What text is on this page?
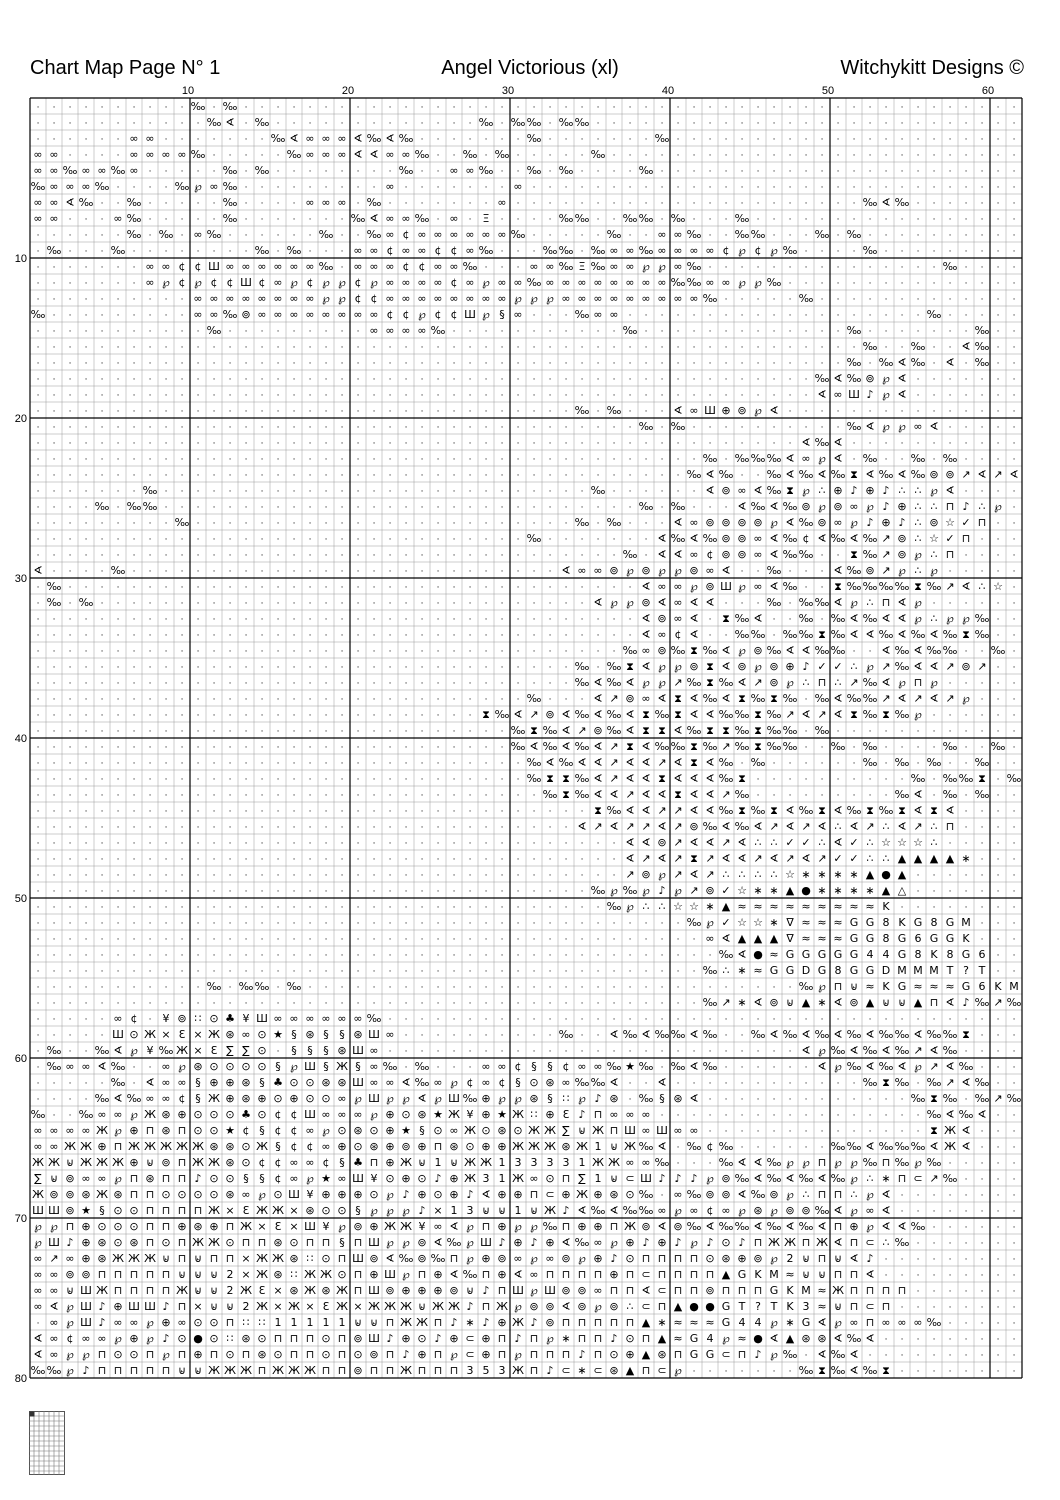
Chart Map Page N° 1	Angel Victorious (xl)	Witchykitt Designs ©
· · · · · · · · · · ‰ · ‰ · · · · · · · · · · · · · · · · · · · · · · · · · · · · · · · · · · · · · · · · · · · · · · · · ·
· · · · · · · · · · · ‰ ∢ · ‰ · · · · · · · · · · · · · ‰ · ‰ ‰ · ‰ ‰ · · · · · · · · · · · · · · · · · · · · · · · · · · ·
· · · · · · ∞ ∞ · · · · · · · ‰ ∢ ∞ ∞ ∞ ∢ ‰ ∢ ‰ · · · · · · · ‰ · · · · · · · ‰ · · · · · · · · · · · · · · · · · · · · · ·
∞ ∞ · · · · ∞ ∞ ∞ ∞ ‰ · · · · · ‰ ∞ ∞ ∞ ∢ ∢ ∞ ∞ ‰ · · ‰ · ‰ · · · · · ‰ · · · · · · · · · · · · · · · · · · · · · · · · · ·
∞ ∞ ‰ ∞ ∞ ‰ ∞ · · · · · ‰ · ‰ · · · · · · · · ‰ · · ∞ ∞ ‰ · · ‰ · ‰ · · · · ‰ · · · · · · · · · · · · · · · · · · · · · · ·
‰ ∞ ∞ ∞ ‰ · · · · ‰ ℘ ∞ ‰ · · · · · · · · · ∞ · · · · · · · ∞ · · · · · · · · · · · · · · · · · · · · · · · · · · · · · · ·
∞ ∞ ∢ ‰ · · ‰ · · · · · ‰ · · · · ∞ ∞ ∞ · ‰ · · · · · · · ∞ · · · · · · · · · · · · · · · · · · · · · · ‰ ∢ ‰ · · · · · · ·
∞ ∞ · · · ∞ ‰ · · · · · ‰ · · · · · · · ‰ ∢ ∞ ∞ ‰ · ∞ · Ξ · · · · ‰ ‰ · · ‰ ‰ · ‰ · · · ‰ · · · · · · · · · · · · · · · · ·
· · · · · · ‰ · ‰ · ∞ ‰ · · · · · · ‰ · · ‰ ∞ ¢ ∞ ∞ ∞ ∞ ∞ ∞ ‰ · · · · · ‰ · · ∞ ∞ ‰ · · ‰ ‰ · · · ‰ · ‰ · · · · · · · · · ·
· ‰ · · · ‰ · · · · · · · · ‰ · ‰ · · · ∞ ∞ ¢ ∞ ∞ ¢ ¢ ∞ ‰ · · · ‰ ‰ · ‰ ∞ ∞ ‰ ∞ ∞ ∞ ∞ ¢ ℘ ¢ ℘ ‰ · · · · ‰ · · · · · · · · ·
· · · · · · · ∞ ∞ ¢ ¢ Ш ∞ ∞ ∞ ∞ ∞ ∞ ‰ · ∞ ∞ ∞ ¢ ¢ ∞ ∞ ‰ · · · ∞ ∞ ‰ Ξ ‰ ∞ ∞ ℘ ℘ ∞ ‰ · · · · · · · · · · · · · · · ‰ · · · ·
· · · · · · · ∞ ℘ ¢ ℘ ¢ ¢ Ш ¢ ∞ ℘ ¢ ℘ ℘ ¢ ℘ ∞ ∞ ∞ ∞ ¢ ∞ ℘ ∞ ∞ ‰ ∞ ∞ ∞ ∞ ∞ ∞ ∞ ∞ ‰ ‰ ∞ ∞ ℘ ℘ ‰ · · · · · · · · · · · · · · ·
· · · · · · · · · · ∞ ∞ ∞ ∞ ∞ ∞ ∞ ∞ ℘ ℘ ¢ ¢ ∞ ∞ ∞ ∞ ∞ ∞ ∞ ∞ ℘ ℘ ℘ ∞ ∞ ∞ ∞ ∞ ∞ ∞ ∞ ∞ ‰ · · · · · ‰ · · · · · · · · · · · · ·
‰ · · · · · · · · · ∞ ∞ ‰ ⊚ ∞ ∞ ∞ ∞ ∞ ∞ ∞ ∞ ¢ ¢ ℘ ¢ ¢ Ш ℘ § ∞ · · · ‰ ∞ ∞ · · · · · · · · · · · · · · · · · · · ‰ · · · · ·
· · · · · · · · · · · ‰ · · · · · · · · · ∞ ∞ ∞ ∞ ‰ · · · · · · · · · · · ‰ · · · · · · · · · · · · · ‰ · · · · · · · ‰ · ·
· · · · · · · · · · · · · · · · · · · · · · · · · · · · · · · · · · · · · · · · · · · · · · · · · · · · ‰ · · ‰ · · ∢ ‰ · ·
· · · · · · · · · · · · · · · · · · · · · · · · · · · · · · · · · · · · · · · · · · · · · · · · · · · ‰ · ‰ ∢ ‰ · ∢ · ‰ · ·
· · · · · · · · · · · · · · · · · · · · · · · · · · · · · · · · · · · · · · · · · · · · · · · · · ‰ ∢ ‰ ⊚ ℘ ∢ · · · · · · ·
· · · · · · · · · · · · · · · · · · · · · · · · · · · · · · · · · · · · · · · · · · · · · · · · · ∢ ∞ Ш ♪ ℘ ∢ · · · · · · ·
· · · · · · · · · · · · · · · · · · · · · · · · · · · · · · · · · · ‰ · ‰ · · · ∢ ∞ Ш ⊕ ⊚ ℘ ∢ · · · · · · · · · · · · · · ·
· · · · · · · · · · · · · · · · · · · · · · · · · · · · · · · · · · · · · · ‰ · ‰ · · · · · · · · · · ‰ ∢ ℘ ℘ ∞ ∢ · · · · ·
· · · · · · · · · · · · · · · · · · · · · · · · · · · · · · · · · · · · · · · · · · · · · · · · ∢ ‰ ∢ · · · · · · · · · · ·
· · · · · · · · · · · · · · · · · · · · · · · · · · · · · · · · · · · · · · · · · · ‰ · ‰ ‰ ‰ ∢ ∞ ℘ ∢ · ‰ · · ‰ · ‰ · · · ·
· · · · · · · · · · · · · · · · · · · · · · · · · · · · · · · · · · · · · · · · · ‰ ∢ ‰ · · ‰ ∢ ‰ ∢ ‰ ⧗ ∢ ‰ ∢ ‰ ⊚ ⊚ ↗ ∢ ↗ ∢
· · · · · · · ‰ · · · · · · · · · · · · · · · · · · · · · · · · · · · ‰ · · · · · · ∢ ⊚ ∞ ∢ ‰ ⧗ ℘ ∴ ⊕ ♪ ⊕ ♪ ∴ ∴ ℘ ∢ · · · ·
· · · · ‰ · ‰ ‰ · · · · · · · · · · · · · · · · · · · · · · · · · · · · · · ‰ · ‰ · · · ∢ ‰ ∢ ‰ ⊚ ℘ ⊚ ∞ ℘ ♪ ⊕ ∴ ∴ ⊓ ♪ ∴ ℘ ·
· · · · · · · · · ‰ · · · · · · · · · · · · · · · · · · · · · · · · ‰ · ‰ · · · ∢ ∞ ⊚ ⊚ ⊚ ⊚ ℘ ∢ ‰ ⊚ ∞ ℘ ♪ ⊕ ♪ ∴ ⊚ ☆ ✓ ⊓ · ·
· · · · · · · · · · · · · · · · · · · · · · · · · · · · · · · ‰ · · · · · · · ∢ ‰ ∢ ‰ ⊚ ⊚ ∞ ∢ ‰ ¢ ∢ ‰ ∢ ‰ ↗ ⊚ ∴ ☆ ✓ ⊓ · · ·
· · · · · · · · · · · · · · · · · · · · · · · · · · · · · · · · · · · · · ‰ · ∢ ∢ ∞ ¢ ⊚ ⊚ ∞ ∢ ‰ ‰ · · ⧗ ‰ ↗ ⊚ ℘ ∴ ⊓ · · · ·
∢ · · · · ‰ · · · · · · · · · · · · · · · · · · · · · · · · · · · ∢ ∞ ∞ ⊚ ℘ ⊚ ℘ ℘ ⊚ ∞ ∢ · · ‰ · · · ∢ ‰ ⊚ ↗ ℘ ∴ ℘ · · · · ·
· ‰ · · · · · · · · · · · · · · · · · · · · · · · · · · · · · · · · · · · · ∢ ∞ ∞ ℘ ⊚ Ш ℘ ∞ ∢ ‰ · · ⧗ ‰ ‰ ‰ ‰ ⧗ ‰ ↗ ∢ ∴ ☆ ·
· ‰ · ‰ · · · · · · · · · · · · · · · · · · · · · · · · · · · · · · · ∢ ℘ ℘ ⊚ ∢ ∞ ∢ ∢ · · · ‰ · ‰ ‰ ∢ ℘ ∴ ⊓ ∢ ℘ · · · · · ·
· · · · · · · · · · · · · · · · · · · · · · · · · · · · · · · · · · · · · · ∢ ⊚ ∞ ∢ · ⧗ ‰ ∢ · · ‰ · ‰ ∢ ‰ ∢ ∢ ℘ ∴ ℘ ℘ ‰ · ·
· · · · · · · · · · · · · · · · · · · · · · · · · · · · · · · · · · · · · · ∢ ∞ ¢ ∢ · · ‰ ‰ · ‰ ‰ ⧗ ‰ ∢ ∢ ‰ ∢ ‰ ∢ ‰ ⧗ ‰ · ·
· · · · · · · · · · · · · · · · · · · · · · · · · · · · · · · · · · · · · ‰ ∞ ⊚ ‰ ⧗ ‰ ∢ ℘ ⊚ ‰ ∢ ∢ ‰ ‰ · · ∢ ‰ ∢ ‰ ‰ · · ‰ ·
· · · · · · · · · · · · · · · · · · · · · · · · · · · · · · · · · · ‰ · ‰ ⧗ ∢ ℘ ℘ ⊚ ⧗ ∢ ⊚ ℘ ⊚ ⊕ ♪ ✓ ✓ ∴ ℘ ↗ ‰ ∢ ∢ ↗ ⊚ ↗ · ·
· · · · · · · · · · · · · · · · · · · · · · · · · · · · · · · · · · ‰ ∢ ‰ ∢ ℘ ℘ ↗ ‰ ⧗ ‰ ∢ ↗ ⊚ ℘ ∴ ⊓ ∴ ↗ ‰ ∢ ℘ ⊓ ℘ · · · · ·
· · · · · · · · · · · · · · · · · · · · · · · · · · · · · · · ‰ · · · ∢ ↗ ⊚ ∞ ∢ ⧗ ∢ ‰ ∢ ⧗ ‰ ⧗ ‰ · ‰ ∢ ‰ ‰ ↗ ∢ ↗ ∢ ↗ ℘ · · ·
· · · · · · · · · · · · · · · · · · · · · · · · · · · · ⧗ ‰ ∢ ↗ ⊚ ∢ ‰ ∢ ‰ ∢ ⧗ ‰ ⧗ ∢ ∢ ‰ ‰ ⧗ ‰ ↗ ∢ ↗ ∢ ⧗ ‰ ⧗ ‰ ℘ · · · · · ·
· · · · · · · · · · · · · · · · · · · · · · · · · · · · · · ‰ ⧗ ‰ ∢ ↗ ⊚ ‰ ∢ ⧗ ⧗ ∢ ‰ ⧗ ⧗ ‰ ⧗ ‰ ‰ · ‰ · · · · · · · · · · · ·
· · · · · · · · · · · · · · · · · · · · · · · · · · · · · · ‰ ∢ ‰ ∢ ‰ ∢ ↗ ⧗ ∢ ‰ ‰ ⧗ ‰ ↗ ‰ ⧗ ‰ ‰ · · ‰ · ‰ · · · · ‰ · · ‰ ·
· · · · · · · · · · · · · · · · · · · · · · · · · · · · · · · ‰ ∢ ‰ ∢ ∢ ↗ ∢ ∢ ↗ ∢ ⧗ ∢ ‰ · ‰ · · · · · · ‰ · ‰ · ‰ · · ‰ · ·
· · · · · · · · · · · · · · · · · · · · · · · · · · · · · · · ‰ ⧗ ⧗ ‰ ∢ ↗ ∢ ∢ ⧗ ∢ ∢ ∢ ‰ ⧗ · · · · · · · · · · ‰ · ‰ ‰ ⧗ · ‰
· · · · · · · · · · · · · · · · · · · · · · · · · · · · · · · · ‰ ⧗ ‰ ∢ ∢ ↗ ∢ ∢ ⧗ ∢ ∢ ↗ ‰ · · · · · · · · · ‰ ∢ · ‰ · ‰ · ·
· · · · · · · · · · · · · · · · · · · · · · · · · · · · · · · · · · · ⧗ ‰ ∢ ∢ ↗ ↗ ∢ ∢ ‰ ⧗ ‰ ⧗ ∢ ‰ ⧗ ∢ ‰ ⧗ ‰ ⧗ ∢ ⧗ ∢ · · · ·
· · · · · · · · · · · · · · · · · · · · · · · · · · · · · · · · · · ∢ ↗ ∢ ↗ ↗ ∢ ↗ ⊚ ‰ ∢ ‰ ∢ ↗ ∢ ↗ ∢ ∴ ∢ ↗ ∴ ∢ ↗ ∴ ⊓ · · · ·
· · · · · · · · · · · · · · · · · · · · · · · · · · · · · · · · · · · · · ∢ ∢ ⊚ ↗ ∢ ∢ ↗ ∢ ∴ ∴ ✓ ✓ ∴ ∢ ✓ ∴ ☆ ☆ ☆ ∴ · · · · ·
· · · · · · · · · · · · · · · · · · · · · · · · · · · · · · · · · · · · · ∢ ↗ ∢ ↗ ⧗ ↗ ∢ ∢ ↗ ∢ ↗ ∢ ↗ ✓ ✓ ∴ ∴ ▲ ▲ ▲ ▲ ∗ · · ·
· · · · · · · · · · · · · · · · · · · · · · · · · · · · · · · · · · · · · ↗ ⊚ ℘ ↗ ∢ ↗ ∴ ∴ ∴ ∴ ☆ ∗ ∗ ∗ ∗ ▲ ● ▲ · · · · · · ·
· · · · · · · · · · · · · · · · · · · · · · · · · · · · · · · · · · · ‰ ℘ ‰ ℘ ♪ ℘ ↗ ⊚ ✓ ☆ ∗ ∗ ▲ ● ∗ ∗ ∗ ∗ ▲ △ · · · · · · ·
· · · · · · · · · · · · · · · · · · · · · · · · · · · · · · · · · · · · ‰ ℘ ∴ ∴ ☆ ☆ ∗ ▲ ≈ ≈ ≈ ≈ ≈ ≈ ≈ ≈ ≈ K · · · · · · · ·
· · · · · · · · · · · · · · · · · · · · · · · · · · · · · · · · · · · · · · · · · ‰ ℘ ✓ ☆ ☆ ∗ ∇ ≈ ≈ ≈ G G 8 K G 8 G M · · ·
· · · · · · · · · · · · · · · · · · · · · · · · · · · · · · · · · · · · · · · · · · ∞ ∢ ▲ ▲ ▲ ∇ ≈ ≈ ≈ G G 8 G 6 G G K · · ·
· · · · · · · · · · · · · · · · · · · · · · · · · · · · · · · · · · · · · · · · · · · ‰ ∢ ● ≈ G G G G G 4 4 G 8 K 8 G 6 · ·
· · · · · · · · · · · · · · · · · · · · · · · · · · · · · · · · · · · · · · · · · · ‰ ∴ ∗ ≈ G G D G 8 G G D M M M T ? T · ·
· · · · · · · · · · · ‰ · ‰ ‰ · ‰ · · · · · · · · · · · · · · · · · · · · · · · · · · · · · · · ‰ ℘ ⊓ ⊌ ≈ K G ≈ ≈ ≈ G 6 K M
· · · · · · · · · · · · · · · · · · · · · · · · · · · · · · · · · · · · · · · · · · ‰ ↗ ∗ ∢ ⊚ ⊌ ▲ ∗ ∢ ⊚ ▲ ⊌ ⊌ ▲ ⊓ ∢ ♪ ‰ ↗ ‰
· · · · · ∞ ¢ · ¥ ⊚ ∷ ⊙ ♣ ¥ Ш ∞ ∞ ∞ ∞ ∞ ∞ ‰ · · · · · · · · · · · · · · · · · · · · · · · · · · · · · · · · · · · · · · · ·
· · · · · Ш ⊙ Ж × Ɛ × Ж ⊛ ∞ ⊙ ★ § ⊛ § § ⊛ Ш ∞ · · · · · · · · · · ‰ · · ∢ ‰ ∢ ‰ ‰ ∢ ‰ · · ‰ ∢ ‰ ∢ ‰ ∢ ‰ ∢ ‰ ‰ ∢ ‰ ‰ ⧗ · · ·
· ‰ · · ‰ ∢ ℘ ¥ ‰ Ж × Ɛ ∑ ∑ ⊙ · § § § ⊛ Ш ∞ · · · · · · · · · · · · · · · · · · · · · · · · · · ∢ ℘ ‰ ∢ ‰ ∢ ‰ ↗ ∢ ‰ · · · ·
· ‰ ∞ ∞ ∢ ‰ · · ∞ ℘ ⊛ ⊙ ⊙ ⊙ ⊙ § ℘ Ш § Ж § ∞ ‰ · ‰ · · · ∞ ∞ ¢ § § ¢ ∞ ∞ ‰ ★ ‰ · ‰ ∢ ‰ · · · · · · ∢ ℘ ‰ ∢ ‰ ∢ ℘ ↗ ∢ ‰ · · ·
· · · · · ‰ · ∢ ∞ ∞ § ⊕ ⊕ ⊛ § ♣ ⊙ ⊙ ⊛ ⊛ Ш ∞ ∞ ∢ ‰ ∞ ℘ ¢ ∞ ¢ § ⊙ ⊛ ∞ ‰ ‰ ∢ · · ∢ · · · · · · · · · · · · ‰ ⧗ ‰ · ‰ ↗ ∢ ‰ · ·
· · · · ‰ ∢ ‰ ∞ ∞ ¢ § Ж ⊕ ⊛ ⊕ ⊙ ⊕ ⊙ ⊙ ∞ ℘ Ш ℘ ℘ ∢ ℘ Ш ‰ ⊕ ℘ ℘ ⊛ § ∷ ℘ ♪ ⊛ · ‰ § ⊛ ∢ · · · · · · · · · · · · · ‰ ⧗ ‰ · ‰ ↗ ‰
‰ · · ‰ ∞ ∞ ℘ Ж ⊛ ⊕ ⊙ ⊙ ⊙ ♣ ⊙ ¢ ¢ Ш ∞ ∞ ∞ ℘ ⊕ ⊙ ⊛ ★ Ж ¥ ⊕ ★ Ж ∷ ⊕ Ɛ ♪ ⊓ ∞ ∞ ∞ · · · · · · · · · · · · · · · · · ‰ ∢ ‰ ∢ · ·
∞ ∞ ∞ ∞ Ж ℘ ⊕ ⊓ ⊛ ⊓ ⊙ ⊙ ★ ¢ § ¢ ¢ ∞ ℘ ⊙ ⊛ ⊙ ⊕ ★ § ⊙ ∞ Ж ⊙ ⊛ ⊙ Ж Ж ∑ ⊌ Ж ⊓ Ш ∞ Ш ∞ ∞ · · · · · · · · · · · · · · ⧗ Ж ∢ · · ·
∞ ∞ Ж Ж ⊕ ⊓ Ж Ж Ж Ж Ж ⊛ ⊛ ⊙ Ж § ¢ ¢ ∞ ⊕ ⊙ ⊛ ⊕ ⊚ ⊕ ⊓ ⊛ ⊙ ⊕ ⊕ Ж Ж Ж ⊛ Ж 1 ⊌ Ж ‰ ∢ · ‰ ¢ ‰ · · · · · · ‰ ‰ ∢ ‰ ‰ ‰ ∢ Ж ∢ · · ·
Ж Ж ⊌ Ж Ж Ж ⊕ ⊌ ⊚ ⊓ Ж Ж ⊛ ⊙ ¢ ¢ ∞ ∞ ¢ § ♣ ⊓ ⊕ Ж ⊌ 1 ⊌ Ж Ж 1 3 3 3 3 1 Ж Ж ∞ ∞ ‰ · · · ‰ ∢ ∢ ‰ ℘ ℘ ⊓ ℘ ℘ ‰ ⊓ ‰ ℘ ‰ · · · · ·
∑ ⊌ ⊚ ∞ ∞ ℘ ⊓ ⊛ ⊓ ⊓ ♪ ⊙ ⊙ § § ¢ ∞ ℘ ★ ∞ Ш ¥ ⊙ ⊕ ⊙ ♪ ⊕ Ж 3 1 Ж ∞ ⊙ ⊓ ∑ 1 ⊌ ⊂ Ш ♪ ♪ ♪ ℘ ⊚ ‰ ∢ ‰ ∢ ‰ ∢ ‰ ℘ ∴ ∗ ⊓ ⊂ ↗ ‰ · · · ·
Ж ⊚ ⊚ ⊛ Ж ⊛ ⊓ ⊓ ⊙ ⊙ ⊙ ⊙ ⊛ ∞ ℘ ⊙ Ш ¥ ⊕ ⊕ ⊕ ⊙ ℘ ♪ ⊕ ⊙ ⊕ ♪ ∢ ⊕ ⊕ ⊓ ⊂ ⊕ Ж ⊕ ⊛ ⊙ ‰ · ∞ ‰ ⊚ ⊚ ∢ ‰ ⊚ ℘ ∴ ⊓ ⊓ ∴ ℘ ∢ · · · · · · · ·
Ш Ш ⊚ ★ § ⊙ ⊙ ⊓ ⊓ ⊓ ⊓ Ж × Ɛ Ж Ж × ⊛ ⊙ ⊙ § ℘ ℘ ℘ ♪ × 1 3 ⊌ ⊌ 1 ⊌ Ж ♪ ∢ ‰ ∢ ‰ ‰ ∞ ℘ ∞ ¢ ∞ ℘ ⊛ ℘ ⊚ ⊚ ‰ ∢ ℘ ∞ ∢ · · · · · · · ·
℘ ℘ ⊓ ⊕ ⊙ ⊙ ⊙ ⊓ ⊓ ⊕ ⊛ ⊕ ⊓ Ж × Ɛ × Ш ¥ ℘ ⊚ ⊕ Ж Ж ¥ ∞ ∢ ℘ ⊓ ⊕ ℘ ℘ ‰ ⊓ ⊕ ⊕ ⊓ Ж ⊚ ∢ ⊚ ‰ ∢ ‰ ‰ ∢ ‰ ∢ ‰ ∢ ⊓ ⊕ ℘ ∢ ∢ ‰ · · · · · ·
℘ Ш ♪ ⊕ ⊛ ⊙ ⊛ ⊓ ⊙ ⊓ Ж Ж ⊙ ⊓ ⊓ ⊛ ⊙ ⊓ ⊓ § ⊓ Ш ℘ ℘ ⊚ ∢ ‰ ℘ Ш ♪ ⊕ ♪ ⊕ ∢ ‰ ∞ ℘ ⊕ ♪ ⊕ ♪ ℘ ♪ ⊙ ♪ ⊓ Ж Ж ⊓ Ж ∢ ⊓ ⊂ ∴ ‰ · · · · · · ·
∞ ↗ ∞ ⊕ ⊛ Ж Ж Ж ⊌ ⊓ ⊌ ⊓ ⊓ × Ж Ж ⊛ ∷ ⊙ ⊓ Ш ⊚ ∢ ‰ ⊚ ‰ ⊓ ℘ ⊕ ⊚ ∞ ℘ ∞ ⊚ ℘ ⊕ ♪ ⊙ ⊓ ⊓ ⊓ ⊓ ⊙ ⊛ ⊕ ⊚ ℘ 2 ⊌ ⊓ ⊌ ∢ ♪ · · · · · · · · ·
∞ ∞ ⊚ ⊚ ⊓ ⊓ ⊓ ⊓ ⊓ ⊌ ⊌ ⊌ 2 × Ж ⊛ ∷ Ж Ж ⊙ ⊓ ⊕ Ш ℘ ⊓ ⊕ ∢ ‰ ⊓ ⊕ ∢ ∞ ⊓ ⊓ ⊓ ⊓ ⊕ ⊓ ⊂ ⊓ ⊓ ⊓ ⊓ ▲ G K M ≈ ⊌ ⊌ ⊓ ⊓ ∢ · · · · · · · · ·
∞ ∞ ⊌ Ш Ж ⊓ ⊓ ⊓ ⊓ Ж ⊌ ⊌ 2 Ж Ɛ × ⊛ Ж ⊛ Ж ⊓ Ш ⊚ ⊕ ⊕ ⊕ ⊚ ⊌ ♪ ⊓ Ш ℘ Ш ⊚ ⊚ ∞ ⊓ ⊓ ∢ ⊂ ⊓ ⊓ ⊚ ⊓ ⊓ ⊓ G K M ≈ Ж ⊓ ⊓ ⊓ ⊓ · · · · · · ·
∞ ∢ ℘ Ш ♪ ⊕ Ш Ш ♪ ⊓ × ⊌ ⊌ 2 Ж × Ж × Ɛ Ж × Ж Ж Ж ⊌ Ж Ж ♪ ⊓ Ж ℘ ⊚ ⊚ ∢ ⊚ ℘ ⊚ ∴ ⊂ ⊓ ▲ ● ● G T ? T K 3 ≈ ⊌ ⊓ ⊂ ⊓ · · · · · · · ·
· ∞ ℘ Ш ♪ ∞ ∞ ℘ ⊕ ∞ ⊙ ⊙ ⊓ ∷ ∷ 1 1 1 1 1 ⊌ ⊌ ⊓ Ж Ж ⊓ ♪ ∗ ♪ ⊕ Ж ♪ ⊚ ⊓ ⊓ ⊓ ⊓ ⊓ ▲ ∗ ≈ ≈ ≈ G 4 4 ℘ ∗ G ∢ ℘ ∞ ⊓ ∞ ∞ ∞ ‰ · · · · ·
∢ ∞ ¢ ∞ ∞ ℘ ⊕ ℘ ♪ ⊙ ● ⊙ ∷ ⊛ ⊙ ⊓ ⊓ ⊓ ⊙ ⊓ ⊚ Ш ♪ ⊕ ⊙ ♪ ⊕ ⊂ ⊕ ⊓ ♪ ⊓ ℘ ∗ ⊓ ⊓ ♪ ⊙ ⊓ ▲ ≈ G 4 ℘ ≈ ● ∢ ▲ ⊛ ⊛ ∢ ‰ ∢ · · · · · · · · ·
∢ ∞ ℘ ℘ ⊓ ⊙ ⊙ ⊓ ℘ ⊓ ⊕ ⊓ ⊙ ⊓ ⊛ ⊙ ⊓ ⊓ ⊙ ⊓ ⊙ ⊚ ⊓ ♪ ⊕ ⊓ ℘ ⊂ ⊕ ⊓ ℘ ⊓ ⊓ ⊓ ♪ ⊓ ⊙ ⊕ ▲ ⊛ ⊓ G G ⊂ ⊓ ♪ ℘ ‰ · ∢ ‰ ∢ · · · · · · · · · ·
‰ ‰ ℘ ♪ ⊓ ⊓ ⊓ ⊓ ⊓ ⊌ ⊌ Ж Ж Ж ⊓ Ж Ж Ж ⊓ ⊓ ⊚ ⊓ ⊓ Ж ⊓ ⊓ ⊓ 3 5 3 Ж ⊓ ♪ ⊂ ∗ ⊂ ⊛ ▲ ⊓ ⊂ ℘ · · · · · · · ‰ ⧗ ‰ ∢ ‰ ⧗ · · · · · · · ·
10	20	30	40	50	60
10
20
30
40
50
60
70
80
